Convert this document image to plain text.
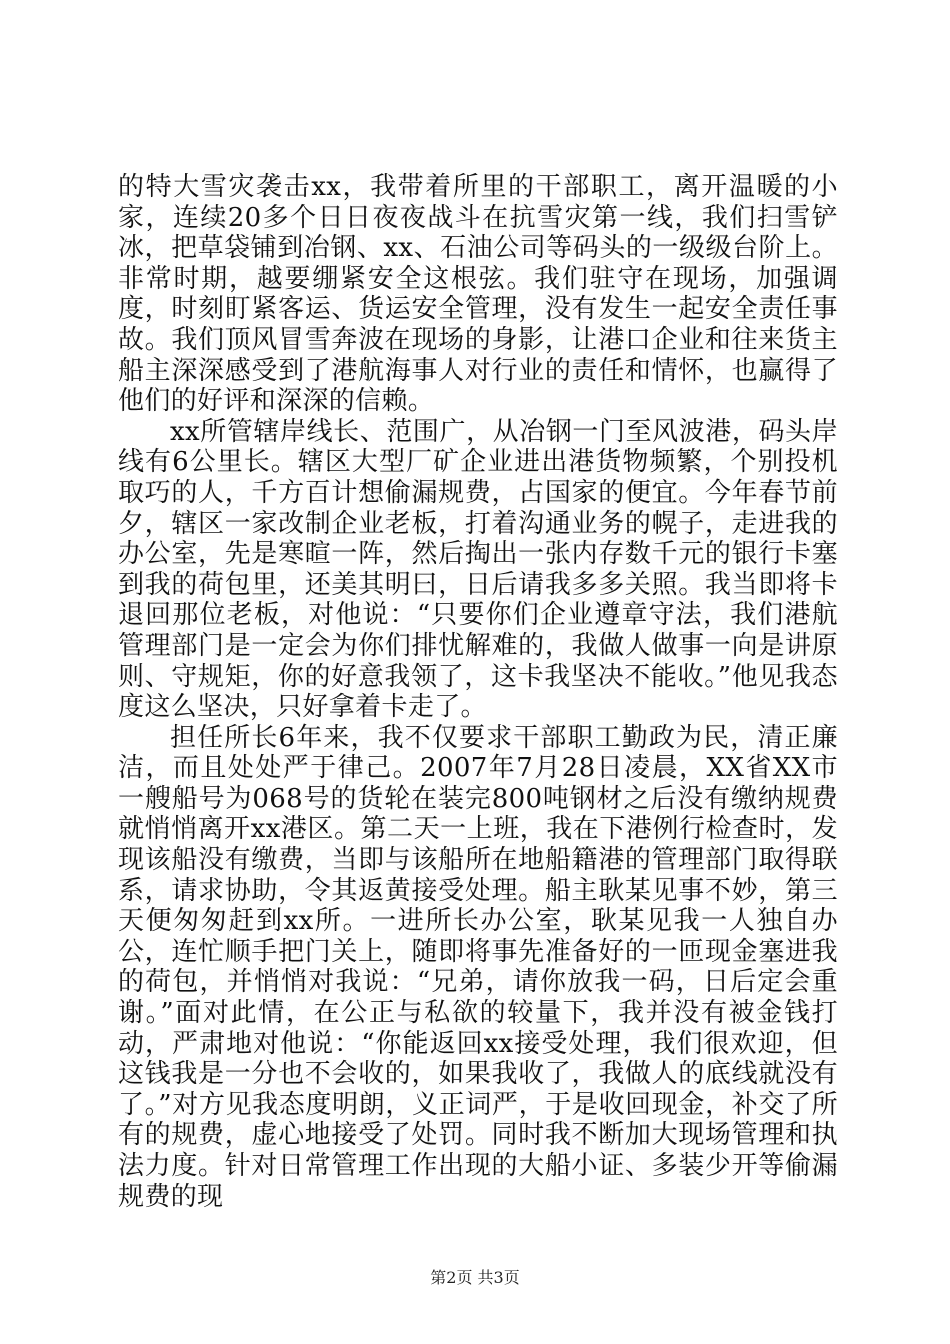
的特大雪灾袭击xx，我带着所里的干部职工，离开温暖的小家，连续20多个日日夜夜战斗在抗雪灾第一线，我们扫雪铲冰，把草袋铺到冶钢、xx、石油公司等码头的一级级台阶上。非常时期，越要绷紧安全这根弦。我们驻守在现场，加强调度，时刻盯紧客运、货运安全管理，没有发生一起安全责任事故。我们顶风冒雪奔波在现场的身影，让港口企业和往来货主船主深深感受到了港航海事人对行业的责任和情怀，也赢得了他们的好评和深深的信赖。

xx所管辖岸线长、范围广，从冶钢一门至风波港，码头岸线有6公里长。辖区大型厂矿企业进出港货物频繁，个别投机取巧的人，千方百计想偷漏规费，占国家的便宜。今年春节前夕，辖区一家改制企业老板，打着沟通业务的幌子，走进我的办公室，先是寒暄一阵，然后掏出一张内存数千元的银行卡塞到我的荷包里，还美其明曰，日后请我多多关照。我当即将卡退回那位老板，对他说：“只要你们企业遵章守法，我们港航管理部门是一定会为你们排忧解难的，我做人做事一向是讲原则、守规矩，你的好意我领了，这卡我坚决不能收。”他见我态度这么坚决，只好拿着卡走了。

担任所长6年来，我不仅要求干部职工勤政为民，清正廉洁，而且处处严于律己。2007年7月28日凌晨，XX省XX市一艘船号为068号的货轮在装完800吨钢材之后没有缴纳规费就悄悄离开xx港区。第二天一上班，我在下港例行检查时，发现该船没有缴费，当即与该船所在地船籍港的管理部门取得联系，请求协助，令其返黄接受处理。船主耿某见事不妙，第三天便匆匆赶到xx所。一进所长办公室，耿某见我一人独自办公，连忙顺手把门关上，随即将事先准备好的一匝现金塞进我的荷包，并悄悄对我说：“兄弟，请你放我一码，日后定会重谢。”面对此情，在公正与私欲的较量下，我并没有被金钱打动，严肃地对他说：“你能返回xx接受处理，我们很欢迎，但这钱我是一分也不会收的，如果我收了，我做人的底线就没有了。”对方见我态度明朗，义正词严，于是收回现金，补交了所有的规费，虚心地接受了处罚。同时我不断加大现场管理和执法力度。针对日常管理工作出现的大船小证、多装少开等偷漏规费的现

第2页 共3页
